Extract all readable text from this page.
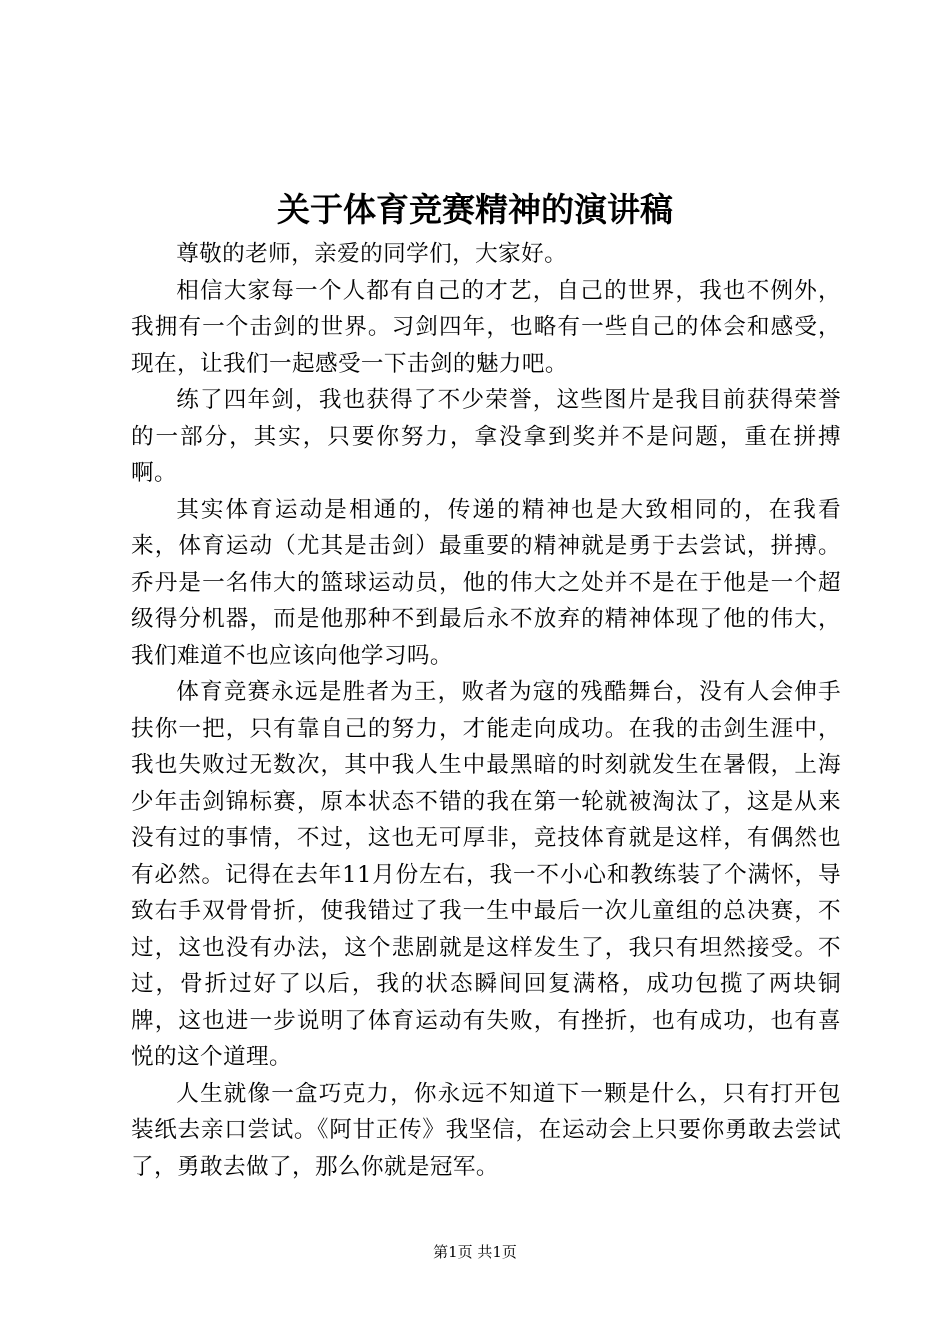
关于体育竞赛精神的演讲稿

尊敬的老师，亲爱的同学们，大家好。

相信大家每一个人都有自己的才艺，自己的世界，我也不例外，我拥有一个击剑的世界。习剑四年，也略有一些自己的体会和感受，现在，让我们一起感受一下击剑的魅力吧。

练了四年剑，我也获得了不少荣誉，这些图片是我目前获得荣誉的一部分，其实，只要你努力，拿没拿到奖并不是问题，重在拼搏啊。

其实体育运动是相通的，传递的精神也是大致相同的，在我看来，体育运动（尤其是击剑）最重要的精神就是勇于去尝试，拼搏。乔丹是一名伟大的篮球运动员，他的伟大之处并不是在于他是一个超级得分机器，而是他那种不到最后永不放弃的精神体现了他的伟大，我们难道不也应该向他学习吗。

体育竞赛永远是胜者为王，败者为寇的残酷舞台，没有人会伸手扶你一把，只有靠自己的努力，才能走向成功。在我的击剑生涯中，我也失败过无数次，其中我人生中最黑暗的时刻就发生在暑假，上海少年击剑锦标赛，原本状态不错的我在第一轮就被淘汰了，这是从来没有过的事情，不过，这也无可厚非，竞技体育就是这样，有偶然也有必然。记得在去年11月份左右，我一不小心和教练装了个满怀，导致右手双骨骨折，使我错过了我一生中最后一次儿童组的总决赛，不过，这也没有办法，这个悲剧就是这样发生了，我只有坦然接受。不过，骨折过好了以后，我的状态瞬间回复满格，成功包揽了两块铜牌，这也进一步说明了体育运动有失败，有挫折，也有成功，也有喜悦的这个道理。

人生就像一盒巧克力，你永远不知道下一颗是什么，只有打开包装纸去亲口尝试。《阿甘正传》我坚信，在运动会上只要你勇敢去尝试了，勇敢去做了，那么你就是冠军。

第1页 共1页
